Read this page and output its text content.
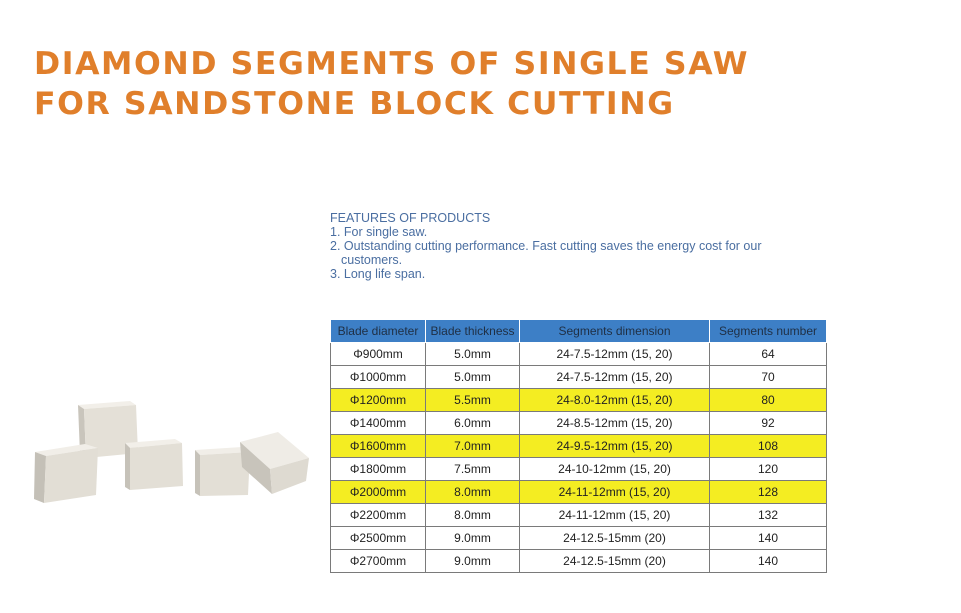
DIAMOND SEGMENTS OF SINGLE SAW
FOR SANDSTONE BLOCK CUTTING
FEATURES OF PRODUCTS
1. For single saw.
2. Outstanding cutting performance. Fast cutting saves the energy cost for our
customers.
3. Long life span.
Blade diameter	Blade thickness	Segments dimension	Segments number
Φ900mm	5.0mm	24-7.5-12mm (15, 20)	64
Φ1000mm	5.0mm	24-7.5-12mm (15, 20)	70
Φ1200mm	5.5mm	24-8.0-12mm (15, 20)	80
Φ1400mm	6.0mm	24-8.5-12mm (15, 20)	92
Φ1600mm	7.0mm	24-9.5-12mm (15, 20)	108
Φ1800mm	7.5mm	24-10-12mm (15, 20)	120
Φ2000mm	8.0mm	24-11-12mm (15, 20)	128
Φ2200mm	8.0mm	24-11-12mm (15, 20)	132
Φ2500mm	9.0mm	24-12.5-15mm (20)	140
Φ2700mm	9.0mm	24-12.5-15mm (20)	140
